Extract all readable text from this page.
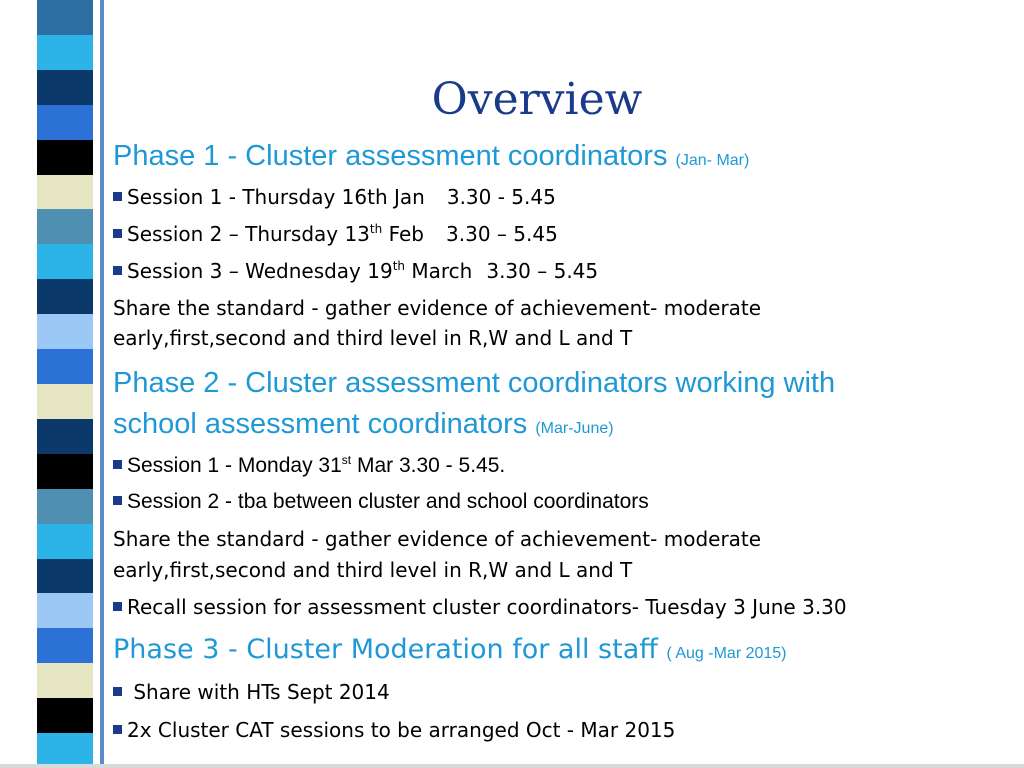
Overview
Phase 1 - Cluster assessment coordinators (Jan- Mar)
Session 1 - Thursday 16th Jan 3.30 - 5.45
Session 2 – Thursday 13th Feb 3.30 – 5.45
Session 3 – Wednesday 19th March 3.30 – 5.45
Share the standard - gather evidence of achievement- moderate
early,first,second and third level in R,W and L and T
Phase 2 - Cluster assessment coordinators working with
school assessment coordinators (Mar-June)
Session 1 - Monday 31st Mar 3.30 - 5.45.
Session 2 - tba between cluster and school coordinators
Share the standard - gather evidence of achievement- moderate
early,first,second and third level in R,W and L and T
Recall session for assessment cluster coordinators- Tuesday 3 June 3.30
Phase 3 - Cluster Moderation for all staff ( Aug -Mar 2015)
Share with HTs Sept 2014
2x Cluster CAT sessions to be arranged Oct - Mar 2015
